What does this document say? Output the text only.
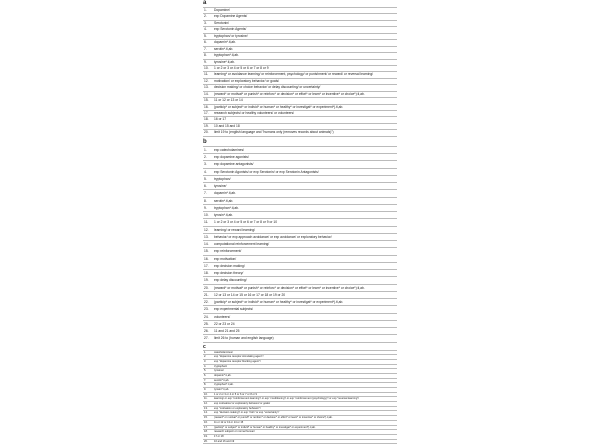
a
1.	Dopamine/
2.	exp Dopamine Agents/
3.	Serotonin/
4.	exp Serotonin Agents/
5.	tryptophan/ or tyrosine/
6.	dopamin*.ti,ab.
7.	serotin*.ti,ab.
8.	tryptophan*.ti,ab.
9.	tyrosine*.ti,ab.
10.	1 or 2 or 3 or 4 or 5 or 6 or 7 or 8 or 9
11.	learning* or avoidance learning/ or reinforcement, psychology/ or punishment/ or reward/ or reversal learning/
12.	motivation/ or exploratory behavior/ or goals/
13.	decision making/ or choice behavior/ or delay discounting/ or uncertainty/
14.	(reward* or motivat* or punish* or reinforc* or decision* or effort* or learn* or incentive* or choice*).ti,ab.
15.	11 or 12 or 13 or 14
16.	(particip* or subject* or individ* or human* or healthy* or investigat* or experiment*).ti,ab.
17.	research subjects/ or healthy volunteers/ or volunteers/
18.	16 or 17
19.	10 and 15 and 18
20.	limit 19 to (english language and "humans only (removes records about animals)")
b
1.	exp catecholamines/
2.	exp dopamine agonists/
3.	exp dopamine antagonists/
4.	exp Serotonin Agonists/ or exp Serotonin/ or exp Serotonin Antagonists/
5.	tryptophan/
6.	tyrosine/
7.	dopamin*.ti,ab.
8.	serotin*.ti,ab.
9.	tryptophan*.ti,ab.
10.	tyrosin*.ti,ab.
11.	1 or 2 or 3 or 4 or 5 or 6 or 7 or 8 or 9 or 10
12.	learning/ or reward learning/
13.	behavior/ or exp approach avoidance/ or exp avoidance/ or exploratory behavior/
14.	computational reinforcement learning/
15.	exp reinforcement/
16.	exp motivation/
17.	exp decision making/
18.	exp decision theory/
19.	exp delay discounting/
20.	(reward* or motivat* or punish* or reinforc* or decision* or effort* or learn* or incentive* or choice*).ti,ab.
21.	12 or 13 or 14 or 15 or 16 or 17 or 18 or 19 or 20
22.	(particip* or subject* or individ* or human* or healthy* or investigat* or experiment*).ti,ab.
23.	exp experimental subjects/
24.	volunteers/
25.	22 or 23 or 24
26.	11 and 21 and 25
27.	limit 26 to (human and english language)
c
1.	catecholamines/
2.	exp "dopamine receptor stimulating agent"/
3.	exp "dopamine receptor blocking agent"/
4.	tryptophan/
5.	tyrosine/
6.	dopamin*.ti,ab.
7.	serotin*.ti,ab.
8.	tryptophan*.ti,ab.
9.	tyrosin*.ti,ab.
10.	1 or 2 or 3 or 4 or 5 or 6 or 7 or 8 or 9
11.	learning/ or exp "reinforcement learning"/ or exp "conditioning"/ or exp "reinforcement (psychology)"/ or exp "reversal learning"/
12.	exp motivation/ or exploratory behavior/ or goals/
13.	exp "motivation or exploratory behavior"/
14.	exp "decision making"/ or exp "risk"/ or exp "uncertainty"/
15.	(reward* or motivat* or punish* or reinforc* or decision* or effort* or learn* or incentive* or choice*).ti,ab.
16.	11 or 12 or 13 or 14 or 15
17.	(particip* or subject* or individ* or human* or healthy* or investigat* or experiment*).ti,ab.
18.	research subject/ or normal human/
19.	17 or 18
20.	10 and 16 and 19
